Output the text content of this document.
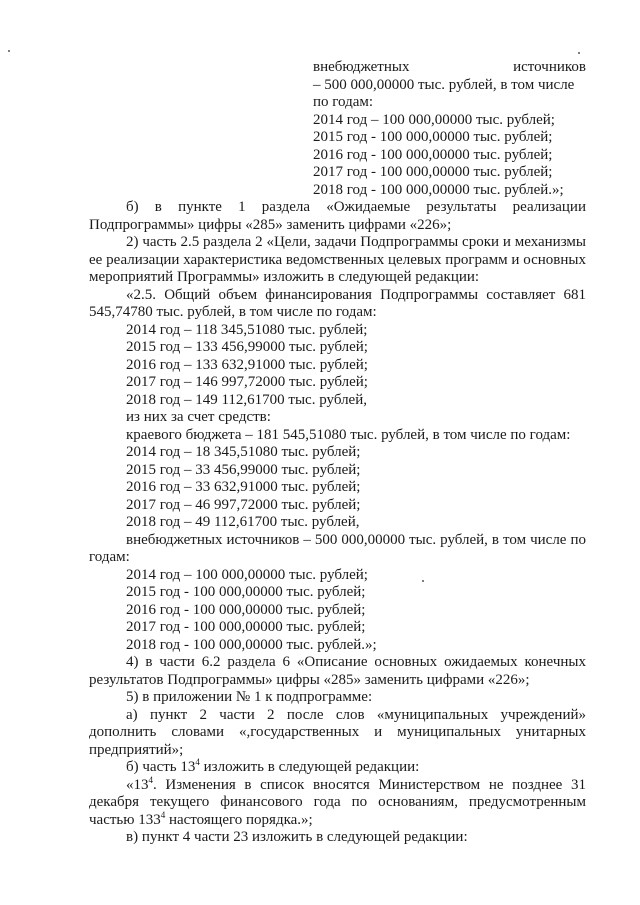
внебюджетных	источников
– 500 000,00000 тыс. рублей, в том числе
по годам:
2014 год – 100 000,00000 тыс. рублей;
2015 год - 100 000,00000 тыс. рублей;
2016 год - 100 000,00000 тыс. рублей;
2017 год - 100 000,00000 тыс. рублей;
2018 год - 100 000,00000 тыс. рублей.»;
б) в пункте 1 раздела «Ожидаемые результаты реализации Подпрограммы» цифры «285» заменить цифрами «226»;
2) часть 2.5 раздела 2 «Цели, задачи Подпрограммы сроки и механизмы ее реализации характеристика ведомственных целевых программ и основных мероприятий Программы» изложить в следующей редакции:
«2.5. Общий объем финансирования Подпрограммы составляет 681 545,74780 тыс. рублей, в том числе по годам:
2014 год – 118 345,51080 тыс. рублей;
2015 год – 133 456,99000 тыс. рублей;
2016 год – 133 632,91000 тыс. рублей;
2017 год – 146 997,72000 тыс. рублей;
2018 год – 149 112,61700 тыс. рублей,
из них за счет средств:
краевого бюджета – 181 545,51080 тыс. рублей, в том числе по годам:
2014 год – 18 345,51080 тыс. рублей;
2015 год – 33 456,99000 тыс. рублей;
2016 год – 33 632,91000 тыс. рублей;
2017 год – 46 997,72000 тыс. рублей;
2018 год – 49 112,61700 тыс. рублей,
внебюджетных источников – 500 000,00000 тыс. рублей, в том числе по годам:
2014 год – 100 000,00000 тыс. рублей;
2015 год - 100 000,00000 тыс. рублей;
2016 год - 100 000,00000 тыс. рублей;
2017 год - 100 000,00000 тыс. рублей;
2018 год - 100 000,00000 тыс. рублей.»;
4) в части 6.2 раздела 6 «Описание основных ожидаемых конечных результатов Подпрограммы» цифры «285» заменить цифрами «226»;
5) в приложении № 1 к подпрограмме:
а) пункт 2 части 2 после слов «муниципальных учреждений» дополнить словами «,государственных и муниципальных унитарных предприятий»;
б) часть $13^4$ изложить в следующей редакции:
«$13^4$. Изменения в список вносятся Министерством не позднее 31 декабря текущего финансового года по основаниям, предусмотренным частью $133^4$ настоящего порядка.»;
в) пункт 4 части 23 изложить в следующей редакции:
